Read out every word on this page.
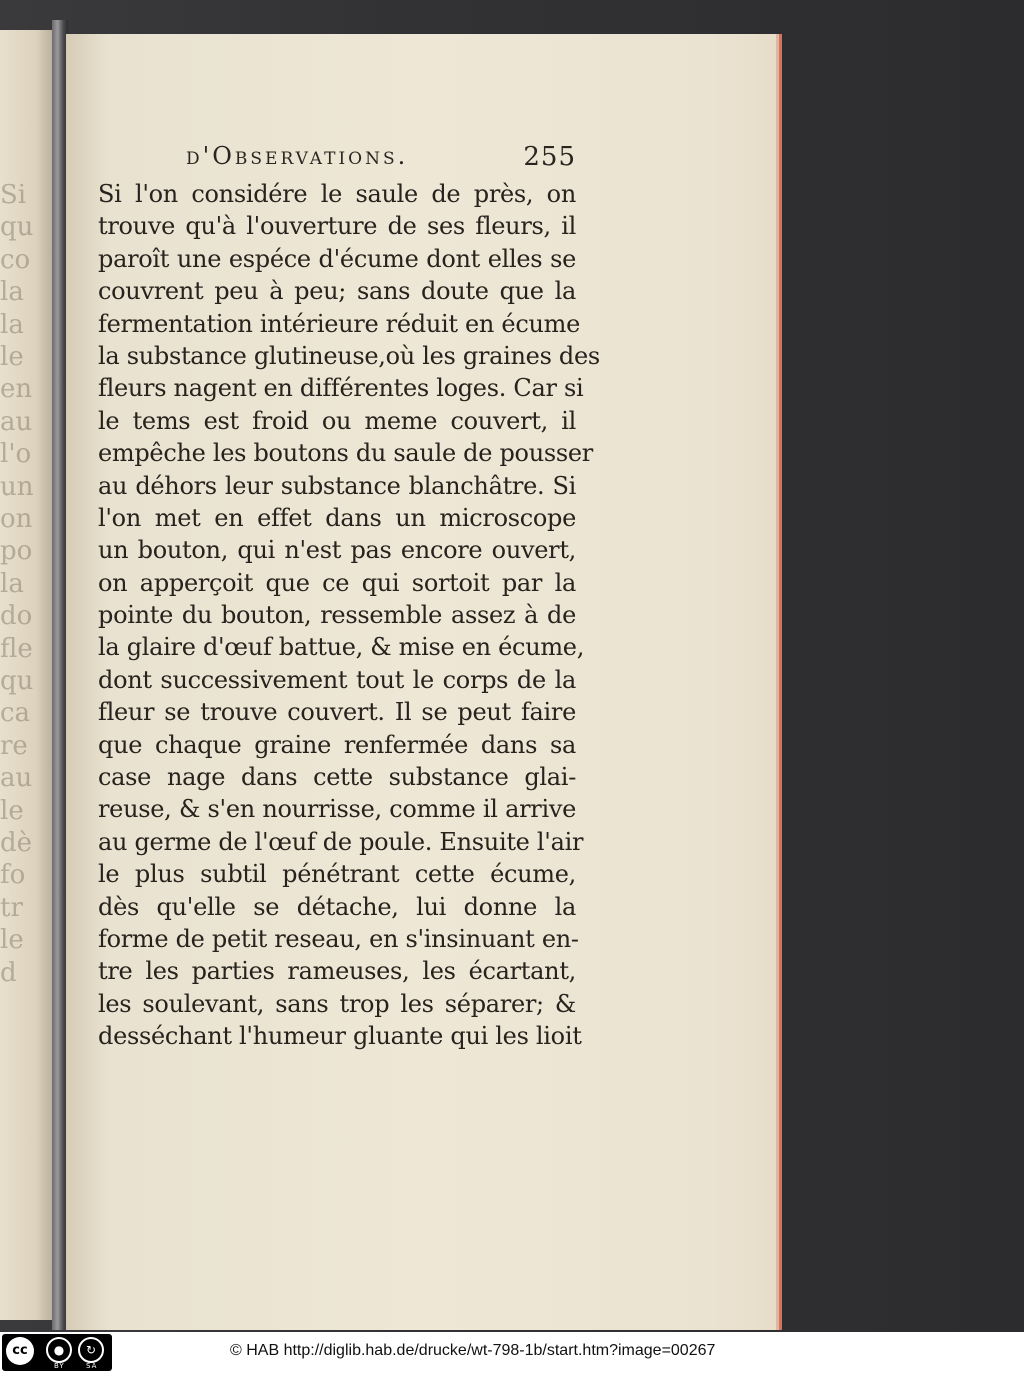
Si
qu
co
la
la
le
en
au
l'o
un
on
po
la
do
fle
qu
ca
re
au
le
dè
fo
tr
le
d
d'Observations.	255
Si l'on considére le saule de près, on
trouve qu'à l'ouverture de ses fleurs, il
paroît une espéce d'écume dont elles se
couvrent peu à peu; sans doute que la
fermentation intérieure réduit en écume
la substance glutineuse,où les graines des
fleurs nagent en différentes loges. Car si
le tems est froid ou meme couvert, il
empêche les boutons du saule de pousser
au déhors leur substance blanchâtre. Si
l'on met en effet dans un microscope
un bouton, qui n'est pas encore ouvert,
on apperçoit que ce qui sortoit par la
pointe du bouton, ressemble assez à de
la glaire d'œuf battue, & mise en écume,
dont successivement tout le corps de la
fleur se trouve couvert. Il se peut faire
que chaque graine renfermée dans sa
case nage dans cette substance glai-
reuse, & s'en nourrisse, comme il arrive
au germe de l'œuf de poule. Ensuite l'air
le plus subtil pénétrant cette écume,
dès qu'elle se détache, lui donne la
forme de petit reseau, en s'insinuant en-
tre les parties rameuses, les écartant,
les soulevant, sans trop les séparer; &
desséchant l'humeur gluante qui les lioit
cc	●	↻
BY	SA
© HAB http://diglib.hab.de/drucke/wt-798-1b/start.htm?image=00267
